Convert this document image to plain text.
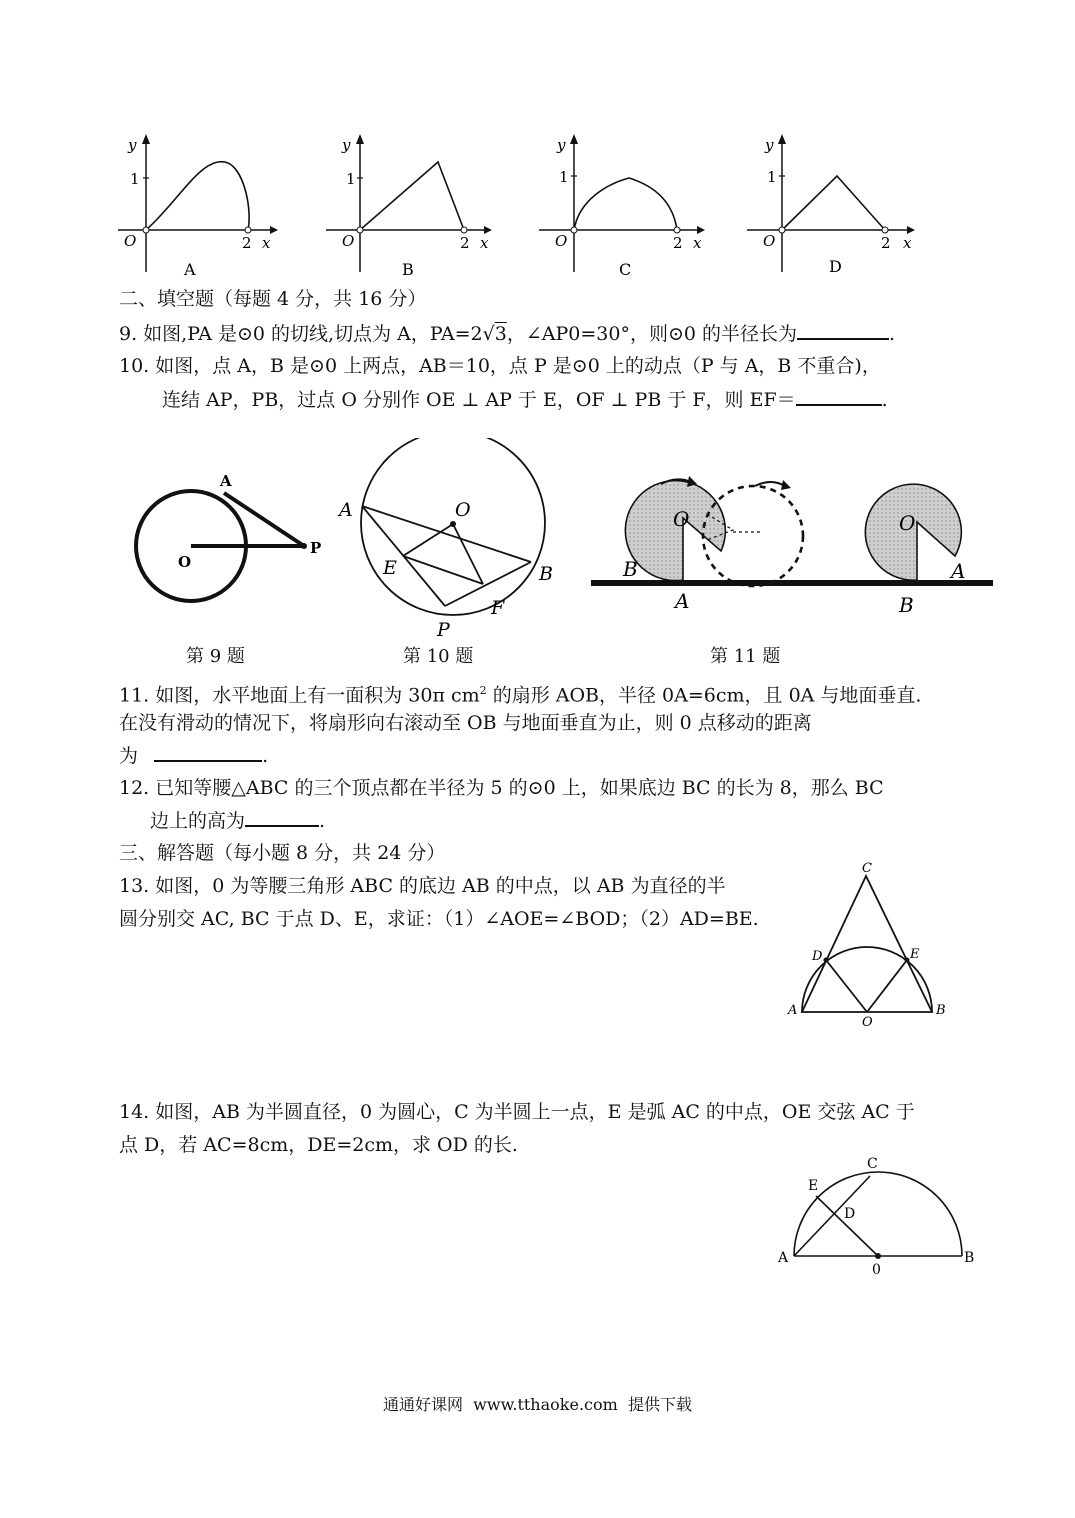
y
1
O	2 x
A
y
1
O	2 x
B
y
1
O	2 x
C
y
1
O	2 x
D
二、填空题（每题 4 分，共 16 分）
9. 如图,PA 是⊙0 的切线,切点为 A，PA=2√3，∠AP0=30°，则⊙0 的半径长为	.
10. 如图，点 A，B 是⊙0 上两点，AB＝10，点 P 是⊙0 上的动点（P 与 A，B 不重合)，
连结 AP，PB，过点 O 分别作 OE ⊥ AP 于 E，OF ⊥ PB 于 F，则 EF＝	.
A
O
P
第 9 题
A	O
B
E
F
P
第 10 题
O
B
A
O
A
B
第 11 题
11. 如图，水平地面上有一面积为 30π $cm^2$ 的扇形 AOB，半径 0A=6cm，且 0A 与地面垂直.
在没有滑动的情况下，将扇形向右滚动至 OB 与地面垂直为止，则 0 点移动的距离
为	.
12. 已知等腰△ABC 的三个顶点都在半径为 5 的⊙0 上，如果底边 BC 的长为 8，那么 BC
边上的高为	.
三、解答题（每小题 8 分，共 24 分）
13. 如图，0 为等腰三角形 ABC 的底边 AB 的中点，以 AB 为直径的半
圆分别交 AC, BC 于点 D、E，求证：（1）∠AOE=∠BOD；（2）AD=BE.
C
D	E
A
O
B
14. 如图，AB 为半圆直径，0 为圆心，C 为半圆上一点，E 是弧 AC 的中点，OE 交弦 AC 于
点 D，若 AC=8cm，DE=2cm，求 OD 的长.
C
E
D
A
0
B
通通好课网  www.tthaoke.com  提供下载
